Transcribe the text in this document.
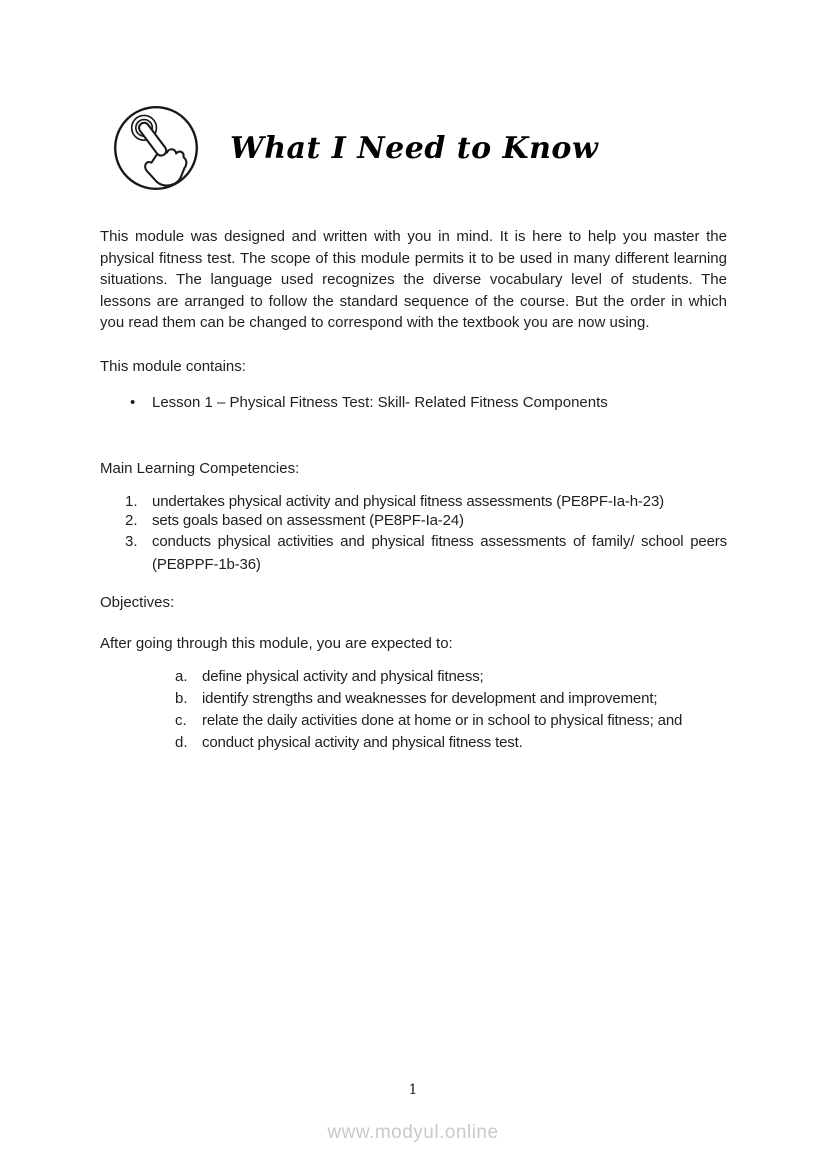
What I Need to Know

This module was designed and written with you in mind. It is here to help you master the physical fitness test. The scope of this module permits it to be used in many different learning situations. The language used recognizes the diverse vocabulary level of students. The lessons are arranged to follow the standard sequence of the course. But the order in which you read them can be changed to correspond with the textbook you are now using.

This module contains:

•	Lesson 1 – Physical Fitness Test: Skill- Related Fitness Components

Main Learning Competencies:

1. undertakes physical activity and physical fitness assessments (PE8PF-Ia-h-23)
2. sets goals based on assessment (PE8PF-Ia-24)
3. conducts physical activities and physical fitness assessments of family/ school peers (PE8PPF-1b-36)

Objectives:

After going through this module, you are expected to:

a. define physical activity and physical fitness;
b. identify strengths and weaknesses for development and improvement;
c.	relate the daily activities done at home or in school to physical fitness; and
d. conduct physical activity and physical fitness test.
1
www.modyul.online
